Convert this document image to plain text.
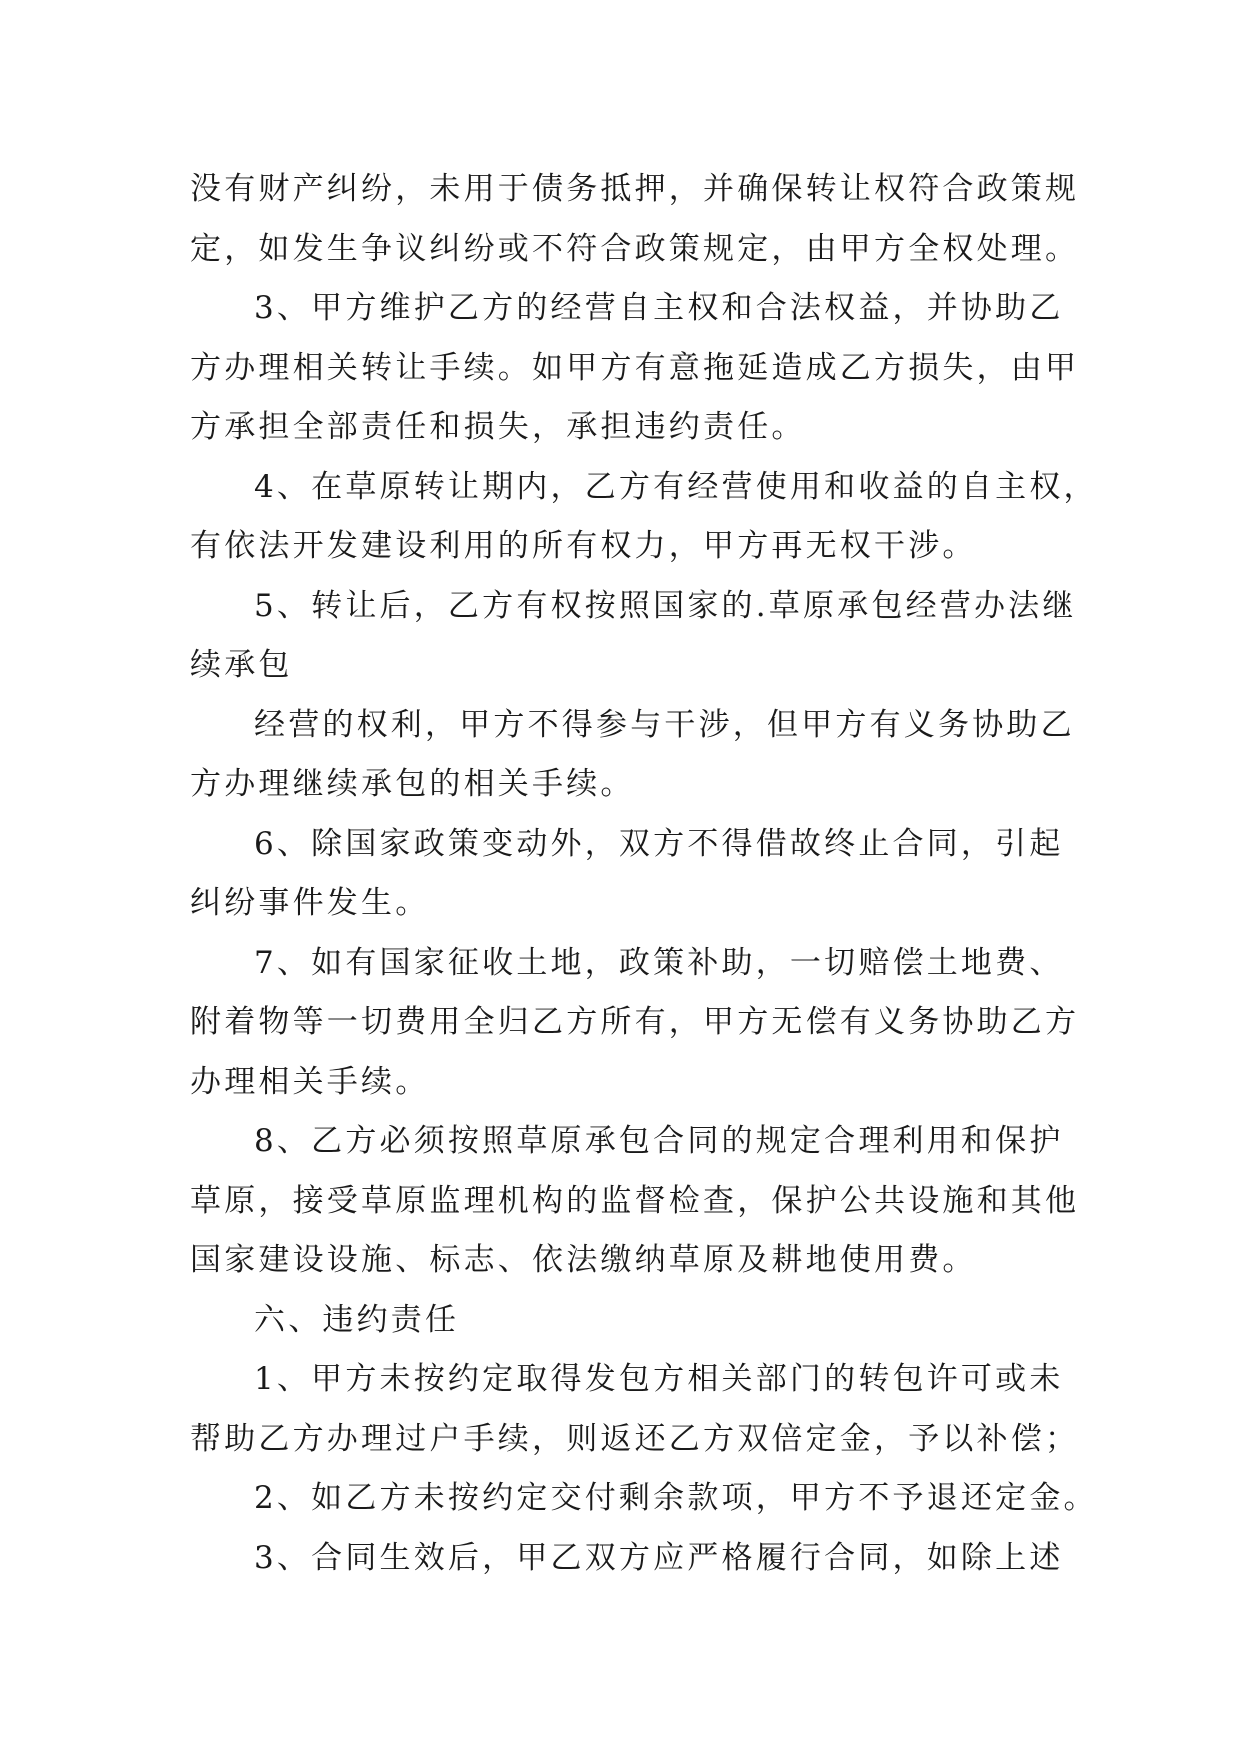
没有财产纠纷，未用于债务抵押，并确保转让权符合政策规
定，如发生争议纠纷或不符合政策规定，由甲方全权处理。
3、甲方维护乙方的经营自主权和合法权益，并协助乙
方办理相关转让手续。如甲方有意拖延造成乙方损失，由甲
方承担全部责任和损失，承担违约责任。
4、在草原转让期内，乙方有经营使用和收益的自主权，
有依法开发建设利用的所有权力，甲方再无权干涉。
5、转让后，乙方有权按照国家的.草原承包经营办法继
续承包
经营的权利，甲方不得参与干涉，但甲方有义务协助乙
方办理继续承包的相关手续。
6、除国家政策变动外，双方不得借故终止合同，引起
纠纷事件发生。
7、如有国家征收土地，政策补助，一切赔偿土地费、
附着物等一切费用全归乙方所有，甲方无偿有义务协助乙方
办理相关手续。
8、乙方必须按照草原承包合同的规定合理利用和保护
草原，接受草原监理机构的监督检查，保护公共设施和其他
国家建设设施、标志、依法缴纳草原及耕地使用费。
六、违约责任
1、甲方未按约定取得发包方相关部门的转包许可或未
帮助乙方办理过户手续，则返还乙方双倍定金，予以补偿；
2、如乙方未按约定交付剩余款项，甲方不予退还定金。
3、合同生效后，甲乙双方应严格履行合同，如除上述
